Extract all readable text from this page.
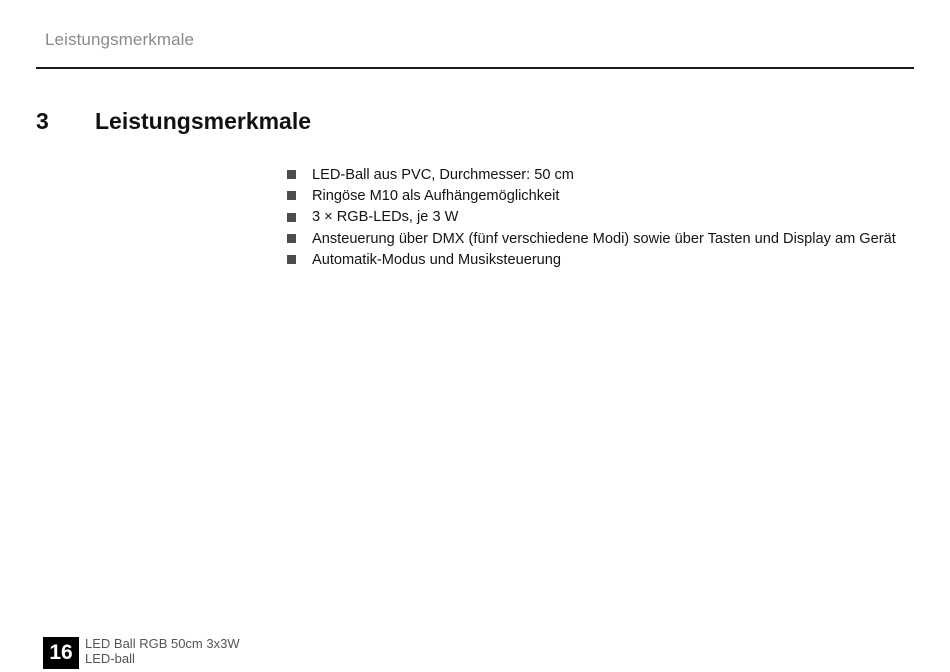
Leistungsmerkmale
3	Leistungsmerkmale
LED-Ball aus PVC, Durchmesser: 50 cm
Ringöse M10 als Aufhängemöglichkeit
3 × RGB-LEDs, je 3 W
Ansteuerung über DMX (fünf verschiedene Modi) sowie über Tasten und Display am Gerät
Automatik-Modus und Musiksteuerung
16 LED Ball RGB 50cm 3x3W
LED-ball
